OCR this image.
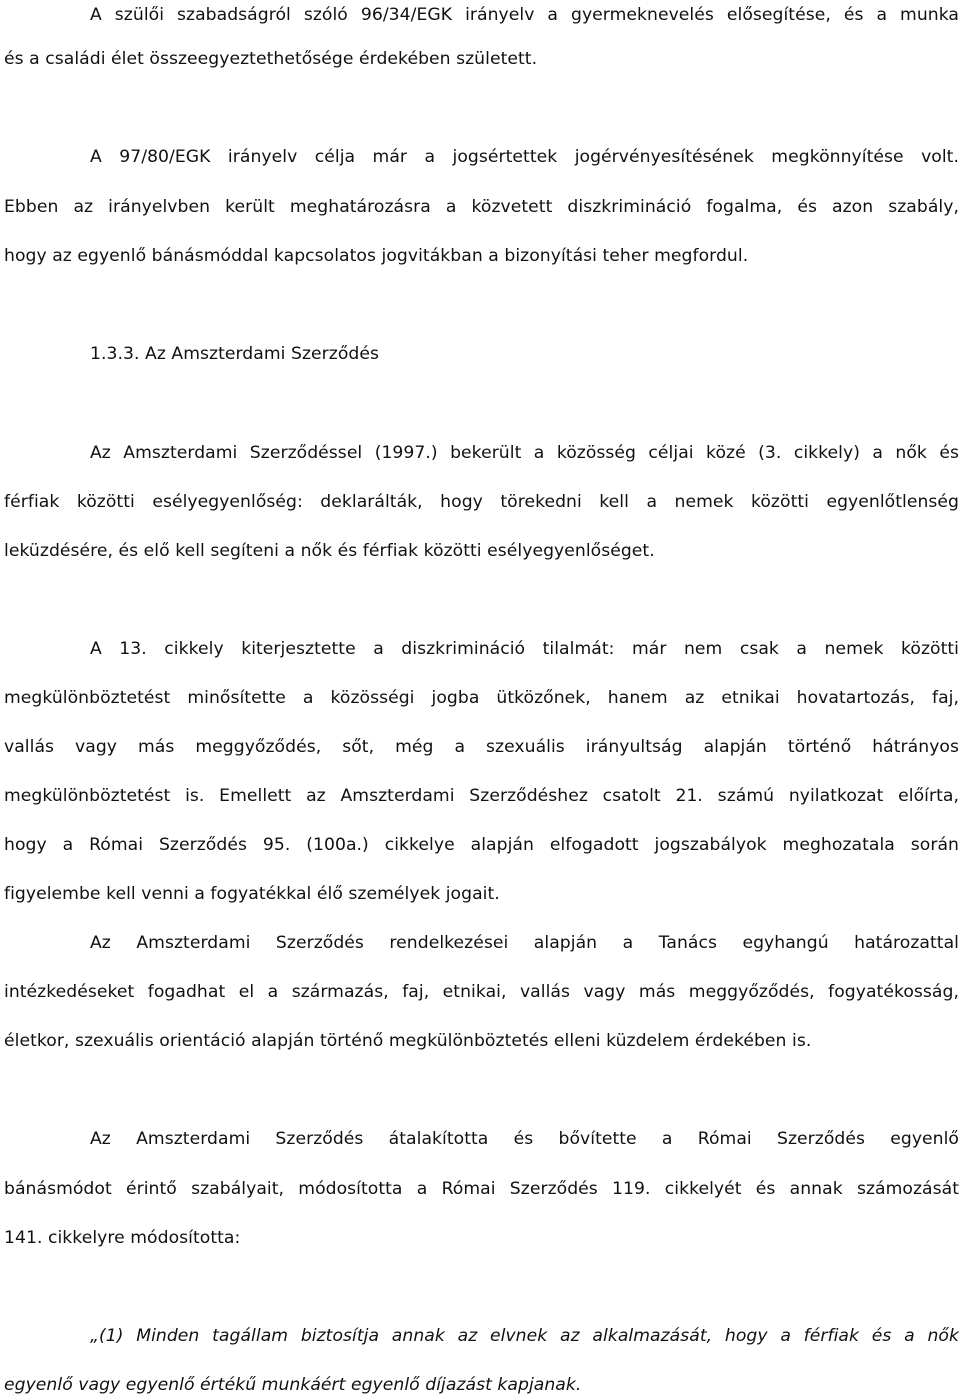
A szülői szabadságról szóló 96/34/EGK irányelv a gyermeknevelés elősegítése, és a munka
és a családi élet összeegyeztethetősége érdekében született.
A 97/80/EGK irányelv célja már a jogsértettek jogérvényesítésének megkönnyítése volt.
Ebben az irányelvben került meghatározásra a közvetett diszkrimináció fogalma, és azon szabály,
hogy az egyenlő bánásmóddal kapcsolatos jogvitákban a bizonyítási teher megfordul.
1.3.3. Az Amszterdami Szerződés
Az Amszterdami Szerződéssel (1997.) bekerült a közösség céljai közé (3. cikkely) a nők és
férfiak közötti esélyegyenlőség: deklarálták, hogy törekedni kell a nemek közötti egyenlőtlenség
leküzdésére, és elő kell segíteni a nők és férfiak közötti esélyegyenlőséget.
A 13. cikkely kiterjesztette a diszkrimináció tilalmát: már nem csak a nemek közötti
megkülönböztetést minősítette a közösségi jogba ütközőnek, hanem az etnikai hovatartozás, faj,
vallás vagy más meggyőződés, sőt, még a szexuális irányultság alapján történő hátrányos
megkülönböztetést is. Emellett az Amszterdami Szerződéshez csatolt 21. számú nyilatkozat előírta,
hogy a Római Szerződés 95. (100a.) cikkelye alapján elfogadott jogszabályok meghozatala során
figyelembe kell venni a fogyatékkal élő személyek jogait.
Az Amszterdami Szerződés rendelkezései alapján a Tanács egyhangú határozattal
intézkedéseket fogadhat el a származás, faj, etnikai, vallás vagy más meggyőződés, fogyatékosság,
életkor, szexuális orientáció alapján történő megkülönböztetés elleni küzdelem érdekében is.
Az Amszterdami Szerződés átalakította és bővítette a Római Szerződés egyenlő
bánásmódot érintő szabályait, módosította a Római Szerződés 119. cikkelyét és annak számozását
141. cikkelyre módosította:
„(1) Minden tagállam biztosítja annak az elvnek az alkalmazását, hogy a férfiak és a nők
egyenlő vagy egyenlő értékű munkáért egyenlő díjazást kapjanak.
